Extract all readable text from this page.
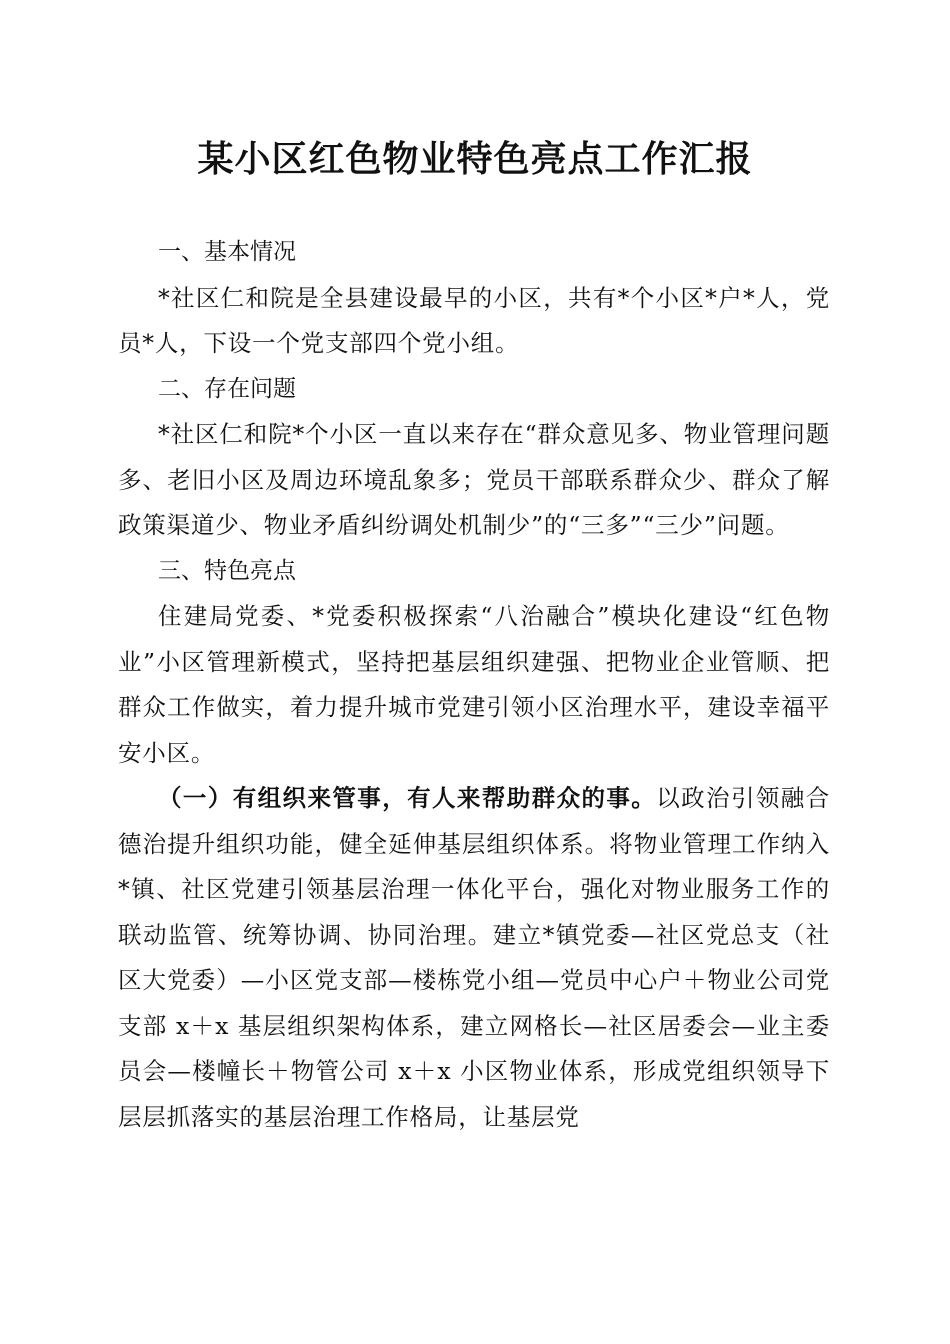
某小区红色物业特色亮点工作汇报
一、基本情况

*社区仁和院是全县建设最早的小区，共有*个小区*户*人，党员*人，下设一个党支部四个党小组。

二、存在问题

*社区仁和院*个小区一直以来存在“群众意见多、物业管理问题多、老旧小区及周边环境乱象多；党员干部联系群众少、群众了解政策渠道少、物业矛盾纠纷调处机制少”的“三多”“三少”问题。

三、特色亮点

住建局党委、*党委积极探索“八治融合”模块化建设“红色物业”小区管理新模式，坚持把基层组织建强、把物业企业管顺、把群众工作做实，着力提升城市党建引领小区治理水平，建设幸福平安小区。

（一）有组织来管事，有人来帮助群众的事。以政治引领融合德治提升组织功能，健全延伸基层组织体系。将物业管理工作纳入*镇、社区党建引领基层治理一体化平台，强化对物业服务工作的联动监管、统筹协调、协同治理。建立*镇党委—社区党总支（社区大党委）—小区党支部—楼栋党小组—党员中心户＋物业公司党支部 x＋x 基层组织架构体系，建立网格长—社区居委会—业主委员会—楼幢长＋物管公司 x＋x 小区物业体系，形成党组织领导下层层抓落实的基层治理工作格局，让基层党
